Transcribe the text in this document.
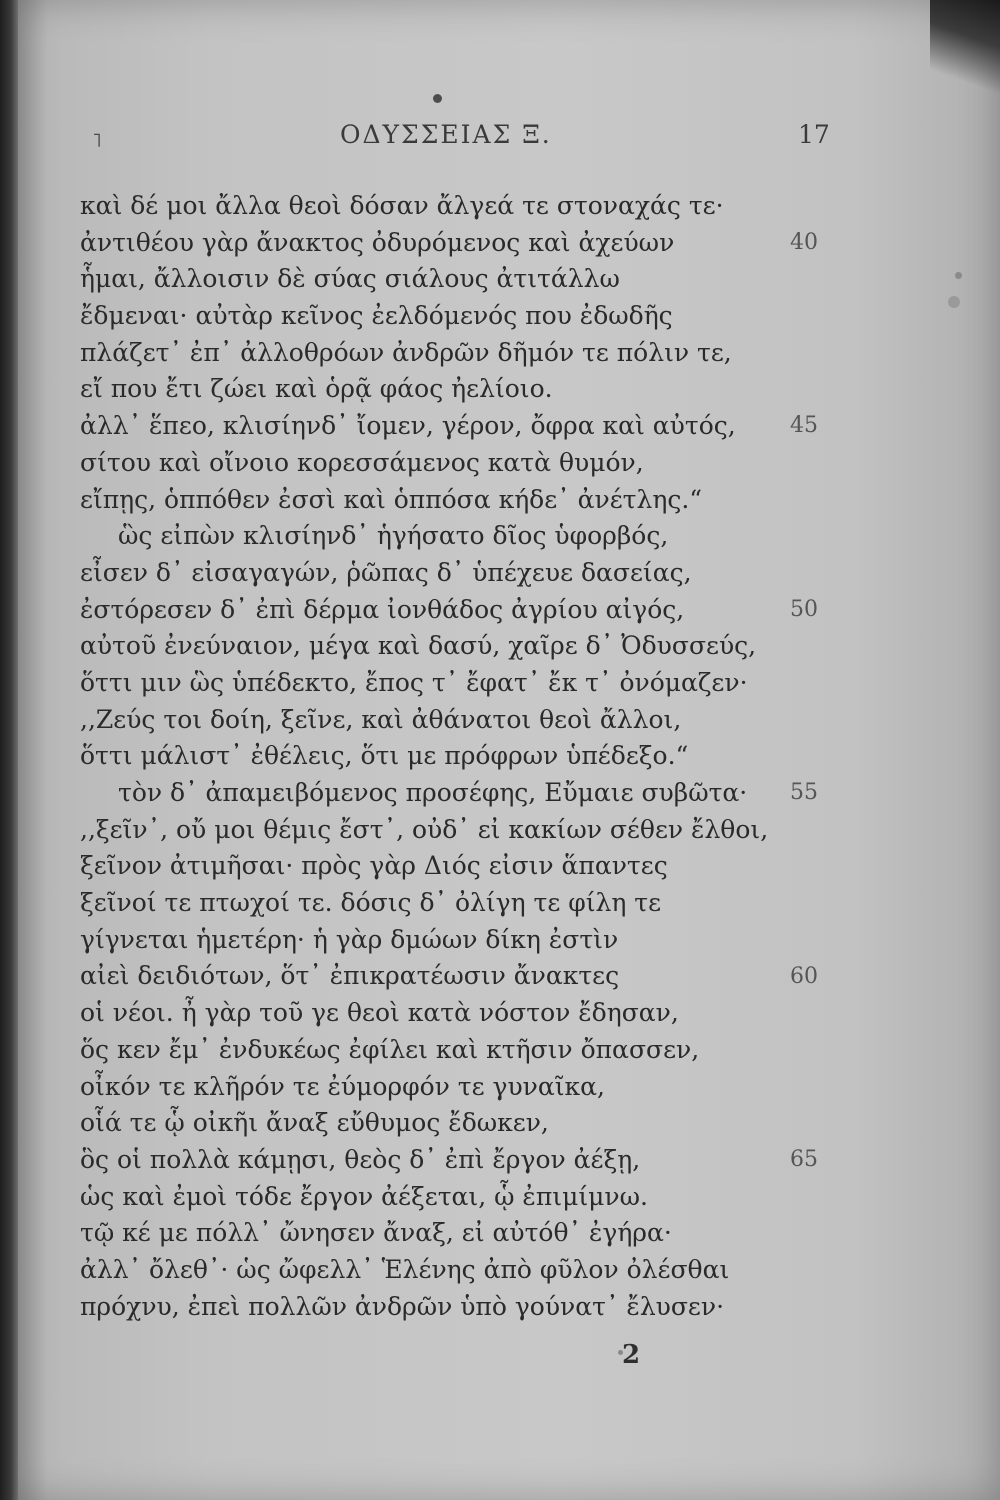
˥	ΟΔΥΣΣΕΙΑΣ Ξ.	17
καὶ δέ μοι ἄλλα θεοὶ δόσαν ἄλγεά τε στοναχάς τε·
ἀντιθέου γὰρ ἄνακτος ὀδυρόμενος καὶ ἀχεύων
ἧμαι, ἄλλοισιν δὲ σύας σιάλους ἀτιτάλλω
ἔδμεναι· αὐτὰρ κεῖνος ἐελδόμενός που ἐδωδῆς
πλάζετ᾽ ἐπ᾽ ἀλλοθρόων ἀνδρῶν δῆμόν τε πόλιν τε,
εἴ που ἔτι ζώει καὶ ὁρᾷ φάος ἠελίοιο.
ἀλλ᾽ ἕπεο, κλισίηνδ᾽ ἴομεν, γέρον, ὄφρα καὶ αὐτός,
σίτου καὶ οἴνοιο κορεσσάμενος κατὰ θυμόν,
εἴπῃς, ὁππόθεν ἐσσὶ καὶ ὁππόσα κήδε᾽ ἀνέτλης.“
ὣς εἰπὼν κλισίηνδ᾽ ἡγήσατο δῖος ὑφορβός,
εἶσεν δ᾽ εἰσαγαγών, ῥῶπας δ᾽ ὑπέχευε δασείας,
ἐστόρεσεν δ᾽ ἐπὶ δέρμα ἰονθάδος ἀγρίου αἰγός,
αὐτοῦ ἐνεύναιον, μέγα καὶ δασύ, χαῖρε δ᾽ Ὀδυσσεύς,
ὅττι μιν ὣς ὑπέδεκτο, ἔπος τ᾽ ἔφατ᾽ ἔκ τ᾽ ὀνόμαζεν·
,,Ζεύς τοι δοίη, ξεῖνε, καὶ ἀθάνατοι θεοὶ ἄλλοι,
ὅττι μάλιστ᾽ ἐθέλεις, ὅτι με πρόφρων ὑπέδεξο.“
τὸν δ᾽ ἀπαμειβόμενος προσέφης, Εὔμαιε συβῶτα·
,,ξεῖν᾽, οὔ μοι θέμις ἔστ᾽, οὐδ᾽ εἰ κακίων σέθεν ἔλθοι,
ξεῖνον ἀτιμῆσαι· πρὸς γὰρ Διός εἰσιν ἅπαντες
ξεῖνοί τε πτωχοί τε. δόσις δ᾽ ὀλίγη τε φίλη τε
γίγνεται ἡμετέρη· ἡ γὰρ δμώων δίκη ἐστὶν
αἰεὶ δειδιότων, ὅτ᾽ ἐπικρατέωσιν ἄνακτες
οἱ νέοι. ἦ γὰρ τοῦ γε θεοὶ κατὰ νόστον ἔδησαν,
ὅς κεν ἔμ᾽ ἐνδυκέως ἐφίλει καὶ κτῆσιν ὄπασσεν,
οἶκόν τε κλῆρόν τε ἐύμορφόν τε γυναῖκα,
οἷά τε ᾧ οἰκῆι ἄναξ εὔθυμος ἔδωκεν,
ὃς οἱ πολλὰ κάμῃσι, θεὸς δ᾽ ἐπὶ ἔργον ἀέξῃ,
ὡς καὶ ἐμοὶ τόδε ἔργον ἀέξεται, ᾧ ἐπιμίμνω.
τῷ κέ με πόλλ᾽ ὤνησεν ἄναξ, εἰ αὐτόθ᾽ ἐγήρα·
ἀλλ᾽ ὄλεθ᾽· ὡς ὤφελλ᾽ Ἑλένης ἀπὸ φῦλον ὀλέσθαι
πρόχνυ, ἐπεὶ πολλῶν ἀνδρῶν ὑπὸ γούνατ᾽ ἔλυσεν·
40
45
50
55
60
65
2
